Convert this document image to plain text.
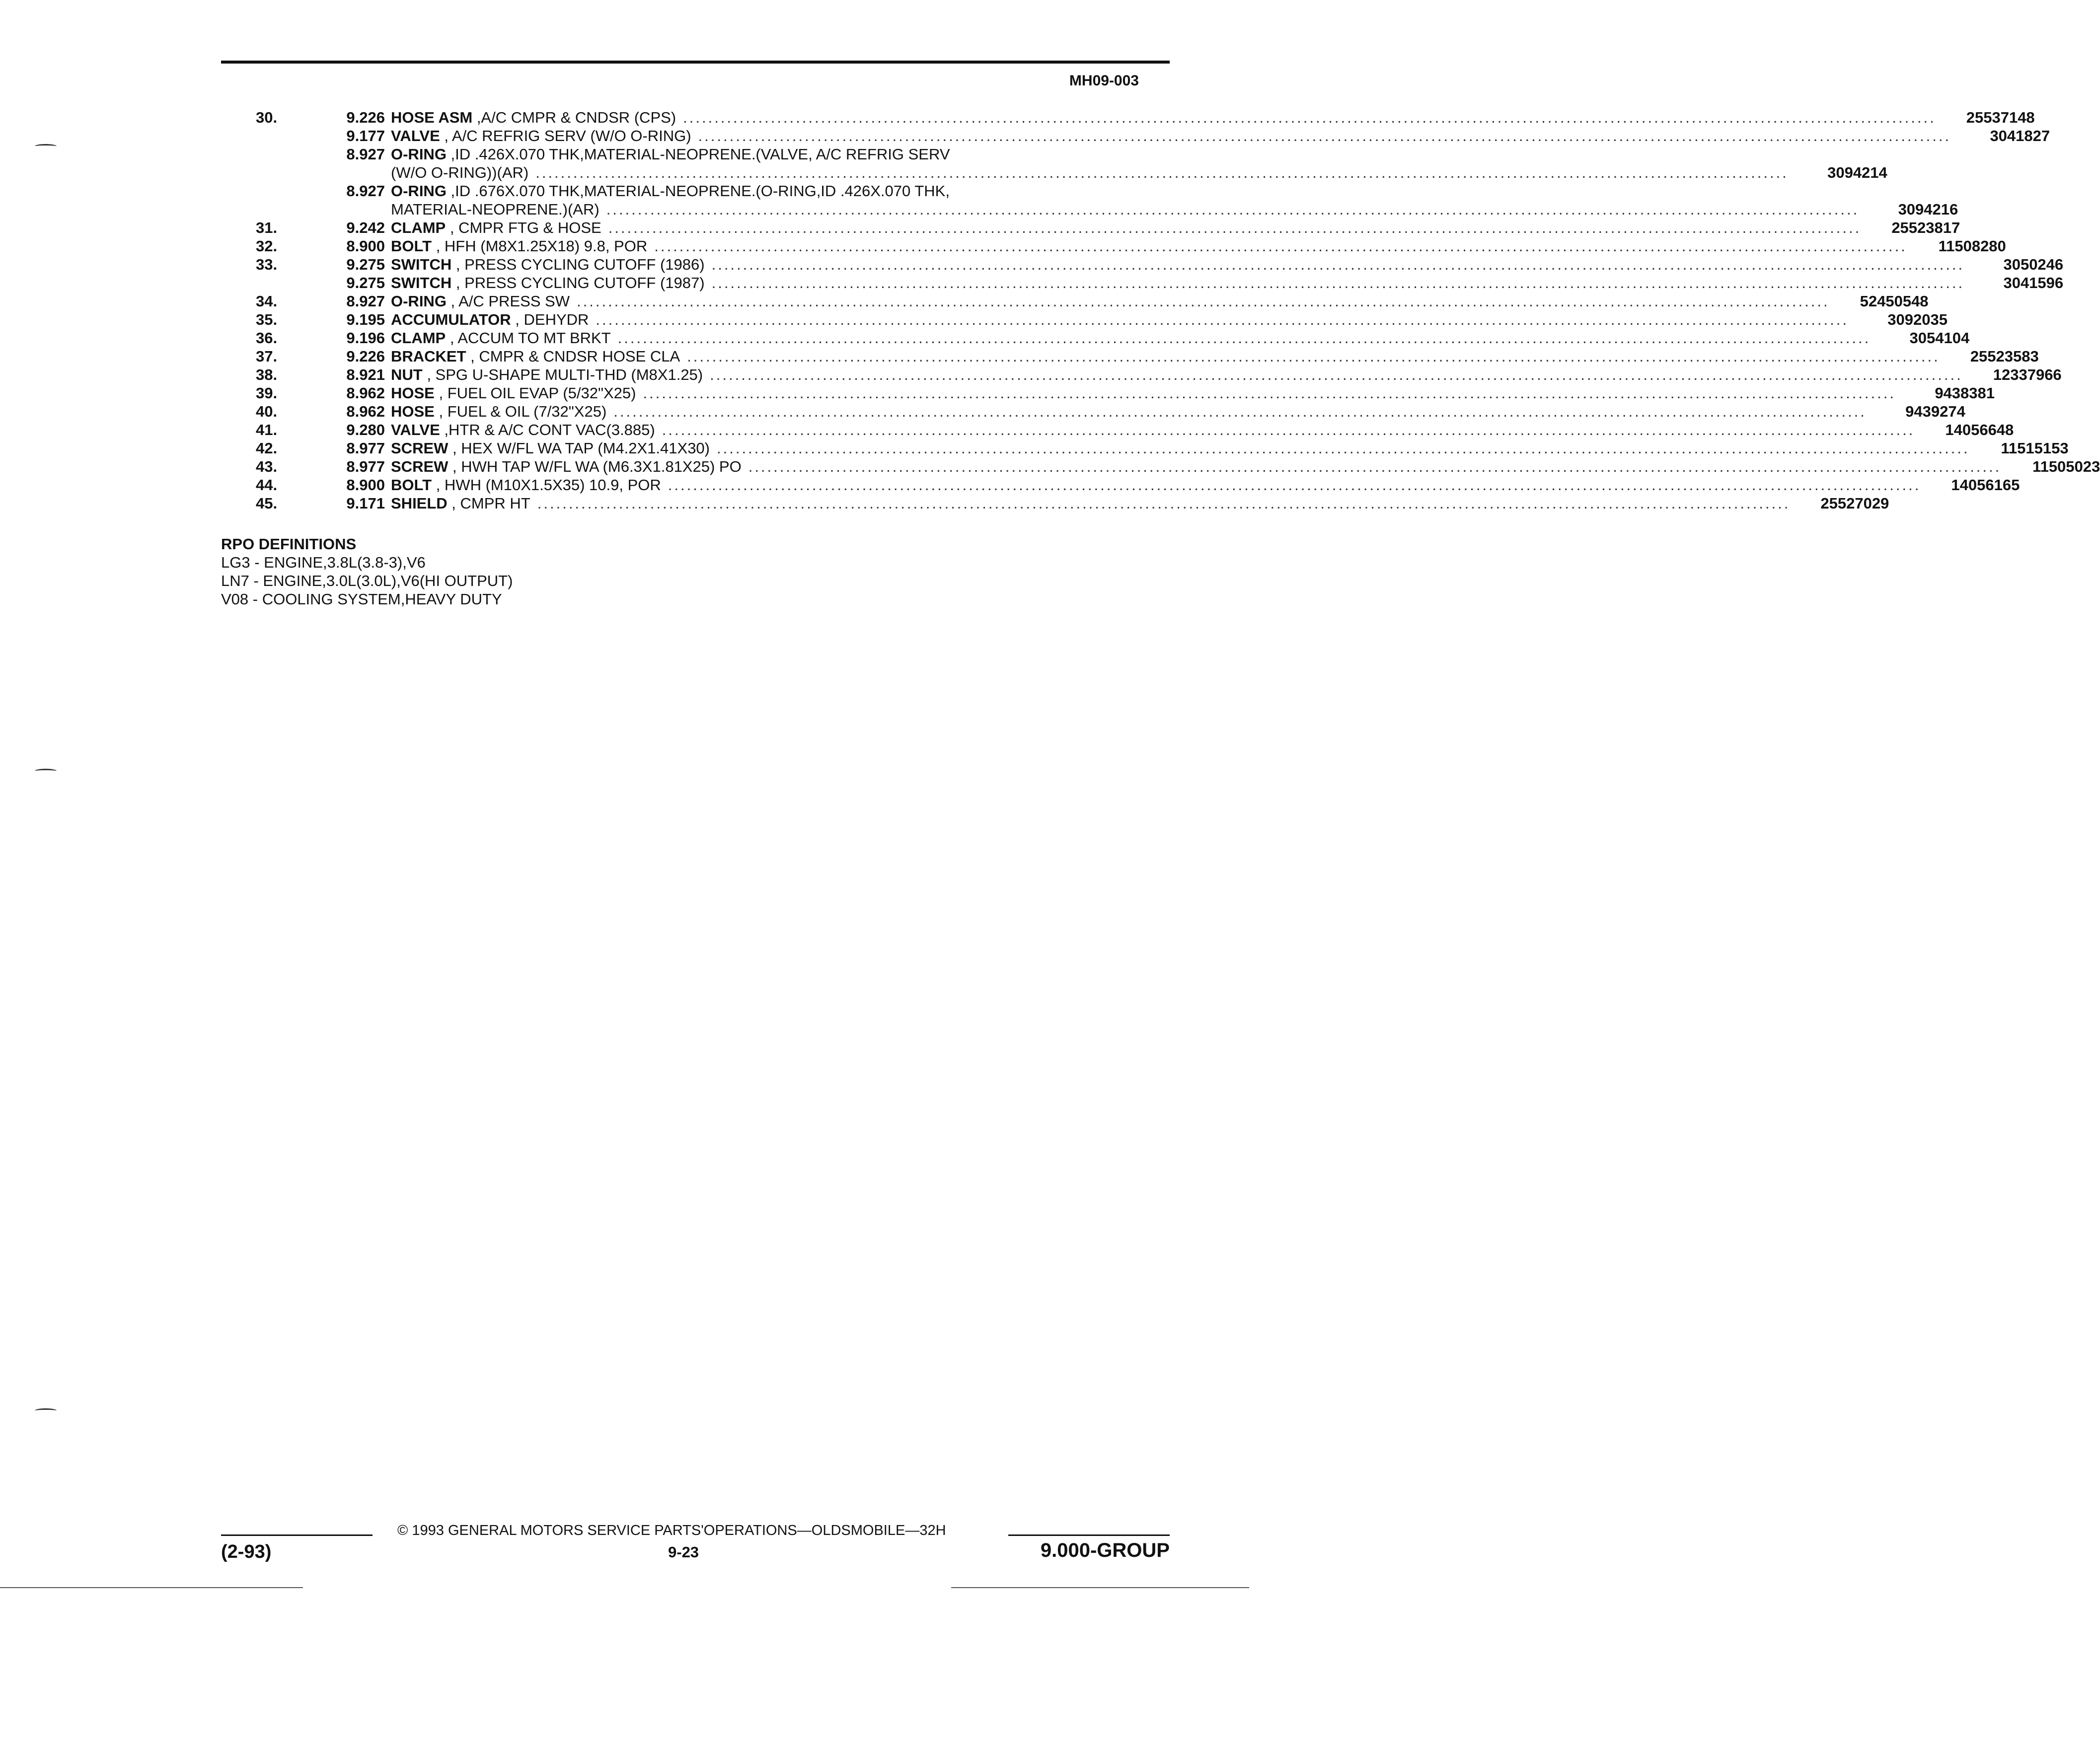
MH09-003
30.	9.226 HOSE ASM ,A/C CMPR & CNDSR (CPS) ........................................................................................................................................................................................................	25537148
9.177 VALVE , A/C REFRIG SERV (W/O O-RING) ........................................................................................................................................................................................................	3041827
8.927 O-RING ,ID .426X.070 THK,MATERIAL-NEOPRENE.(VALVE, A/C REFRIG SERV
(W/O O-RING))(AR) ........................................................................................................................................................................................................	3094214
8.927 O-RING ,ID .676X.070 THK,MATERIAL-NEOPRENE.(O-RING,ID .426X.070 THK,
MATERIAL-NEOPRENE.)(AR) ........................................................................................................................................................................................................	3094216
31.	9.242 CLAMP , CMPR FTG & HOSE ........................................................................................................................................................................................................	25523817
32.	8.900 BOLT , HFH (M8X1.25X18) 9.8, POR ........................................................................................................................................................................................................	11508280
33.	9.275 SWITCH , PRESS CYCLING CUTOFF (1986) ........................................................................................................................................................................................................	3050246
9.275 SWITCH , PRESS CYCLING CUTOFF (1987) ........................................................................................................................................................................................................	3041596
34.	8.927 O-RING , A/C PRESS SW ........................................................................................................................................................................................................	52450548
35.	9.195 ACCUMULATOR , DEHYDR ........................................................................................................................................................................................................	3092035
36.	9.196 CLAMP , ACCUM TO MT BRKT ........................................................................................................................................................................................................	3054104
37.	9.226 BRACKET , CMPR & CNDSR HOSE CLA ........................................................................................................................................................................................................	25523583
38.	8.921 NUT , SPG U-SHAPE MULTI-THD (M8X1.25) ........................................................................................................................................................................................................	12337966
39.	8.962 HOSE , FUEL OIL EVAP (5/32"X25) ........................................................................................................................................................................................................	9438381
40.	8.962 HOSE , FUEL & OIL (7/32"X25) ........................................................................................................................................................................................................	9439274
41.	9.280 VALVE ,HTR & A/C CONT VAC(3.885) ........................................................................................................................................................................................................	14056648
42.	8.977 SCREW , HEX W/FL WA TAP (M4.2X1.41X30) ........................................................................................................................................................................................................	11515153
43.	8.977 SCREW , HWH TAP W/FL WA (M6.3X1.81X25) PO ........................................................................................................................................................................................................	11505023
44.	8.900 BOLT , HWH (M10X1.5X35) 10.9, POR ........................................................................................................................................................................................................	14056165
45.	9.171 SHIELD , CMPR HT ........................................................................................................................................................................................................	25527029
RPO DEFINITIONS
LG3 - ENGINE,3.8L(3.8-3),V6
LN7 - ENGINE,3.0L(3.0L),V6(HI OUTPUT)
V08 - COOLING SYSTEM,HEAVY DUTY
© 1993 GENERAL MOTORS SERVICE PARTS'OPERATIONS—OLDSMOBILE—32H
(2-93)	9-23	9.000-GROUP
